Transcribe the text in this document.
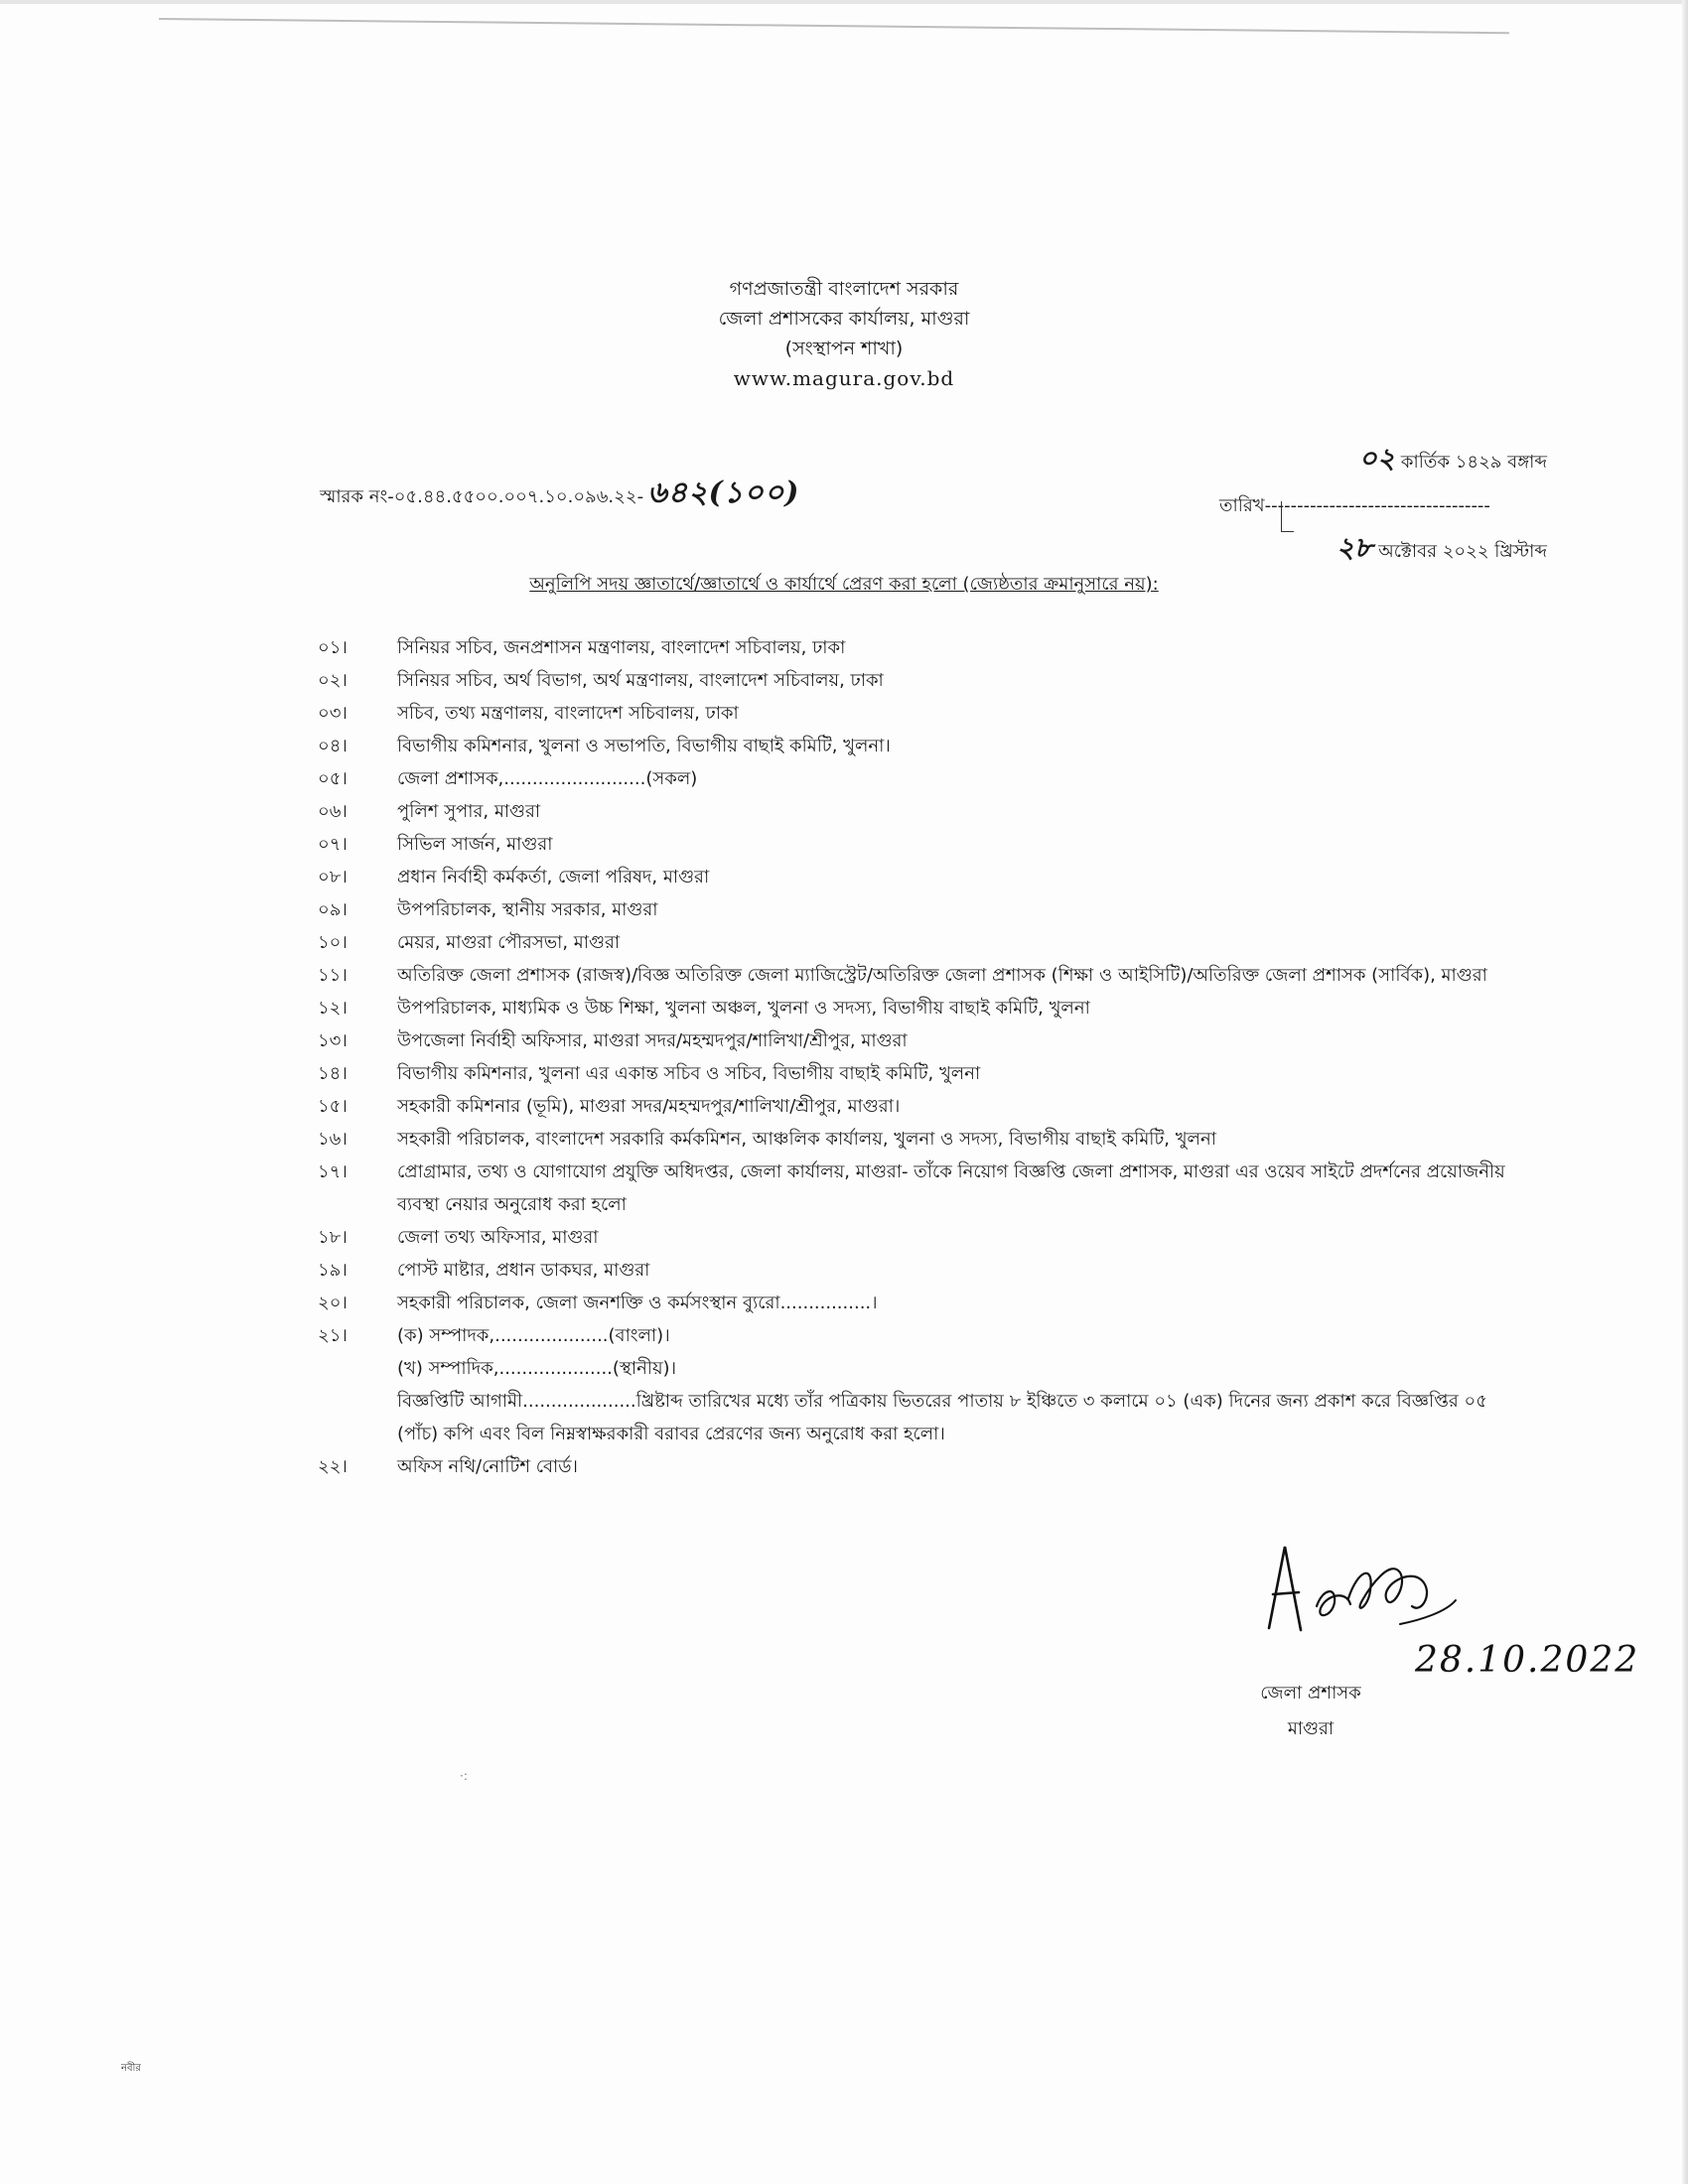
গণপ্রজাতন্ত্রী বাংলাদেশ সরকার
জেলা প্রশাসকের কার্যালয়, মাগুরা
(সংস্থাপন শাখা)
www.magura.gov.bd
স্মারক নং-০৫.৪৪.৫৫০০.০০৭.১০.০৯৬.২২- ৬৪২(১০০)
০২ কার্তিক ১৪২৯ বঙ্গাব্দ
তারিখ-----------------------------------
২৮ অক্টোবর ২০২২ খ্রিস্টাব্দ
অনুলিপি সদয় জ্ঞাতার্থে/জ্ঞাতার্থে ও কার্যার্থে প্রেরণ করা হলো (জ্যেষ্ঠতার ক্রমানুসারে নয়):
০১।	সিনিয়র সচিব, জনপ্রশাসন মন্ত্রণালয়, বাংলাদেশ সচিবালয়, ঢাকা
০২।	সিনিয়র সচিব, অর্থ বিভাগ, অর্থ মন্ত্রণালয়, বাংলাদেশ সচিবালয়, ঢাকা
০৩।	সচিব, তথ্য মন্ত্রণালয়, বাংলাদেশ সচিবালয়, ঢাকা
০৪।	বিভাগীয় কমিশনার, খুলনা ও সভাপতি, বিভাগীয় বাছাই কমিটি, খুলনা।
০৫।	জেলা প্রশাসক,.........................(সকল)
০৬।	পুলিশ সুপার, মাগুরা
০৭।	সিভিল সার্জন, মাগুরা
০৮।	প্রধান নির্বাহী কর্মকর্তা, জেলা পরিষদ, মাগুরা
০৯।	উপপরিচালক, স্থানীয় সরকার, মাগুরা
১০।	মেয়র, মাগুরা পৌরসভা, মাগুরা
১১।	অতিরিক্ত জেলা প্রশাসক (রাজস্ব)/বিজ্ঞ অতিরিক্ত জেলা ম্যাজিস্ট্রেট/অতিরিক্ত জেলা প্রশাসক (শিক্ষা ও আইসিটি)/অতিরিক্ত জেলা প্রশাসক (সার্বিক), মাগুরা
১২।	উপপরিচালক, মাধ্যমিক ও উচ্চ শিক্ষা, খুলনা অঞ্চল, খুলনা ও সদস্য, বিভাগীয় বাছাই কমিটি, খুলনা
১৩।	উপজেলা নির্বাহী অফিসার, মাগুরা সদর/মহম্মদপুর/শালিখা/শ্রীপুর, মাগুরা
১৪।	বিভাগীয় কমিশনার, খুলনা এর একান্ত সচিব ও সচিব, বিভাগীয় বাছাই কমিটি, খুলনা
১৫।	সহকারী কমিশনার (ভূমি), মাগুরা সদর/মহম্মদপুর/শালিখা/শ্রীপুর, মাগুরা।
১৬।	সহকারী পরিচালক, বাংলাদেশ সরকারি কর্মকমিশন, আঞ্চলিক কার্যালয়, খুলনা ও সদস্য, বিভাগীয় বাছাই কমিটি, খুলনা
১৭।	প্রোগ্রামার, তথ্য ও যোগাযোগ প্রযুক্তি অধিদপ্তর, জেলা কার্যালয়, মাগুরা- তাঁকে নিয়োগ বিজ্ঞপ্তি জেলা প্রশাসক, মাগুরা এর ওয়েব সাইটে প্রদর্শনের প্রয়োজনীয় ব্যবস্থা নেয়ার অনুরোধ করা হলো
১৮।	জেলা তথ্য অফিসার, মাগুরা
১৯।	পোস্ট মাষ্টার, প্রধান ডাকঘর, মাগুরা
২০।	সহকারী পরিচালক, জেলা জনশক্তি ও কর্মসংস্থান ব্যুরো................।
২১।	(ক) সম্পাদক,....................(বাংলা)।
(খ) সম্পাদিক,....................(স্থানীয়)।
বিজ্ঞপ্তিটি আগামী....................খ্রিষ্টাব্দ তারিখের মধ্যে তাঁর পত্রিকায় ভিতরের পাতায় ৮ ইঞ্চিতে ৩ কলামে ০১ (এক) দিনের জন্য প্রকাশ করে বিজ্ঞপ্তির ০৫ (পাঁচ) কপি এবং বিল নিম্নস্বাক্ষরকারী বরাবর প্রেরণের জন্য অনুরোধ করা হলো।
২২।	অফিস নথি/নোটিশ বোর্ড।
28.10.2022
জেলা প্রশাসক
মাগুরা
·:
নবীর
